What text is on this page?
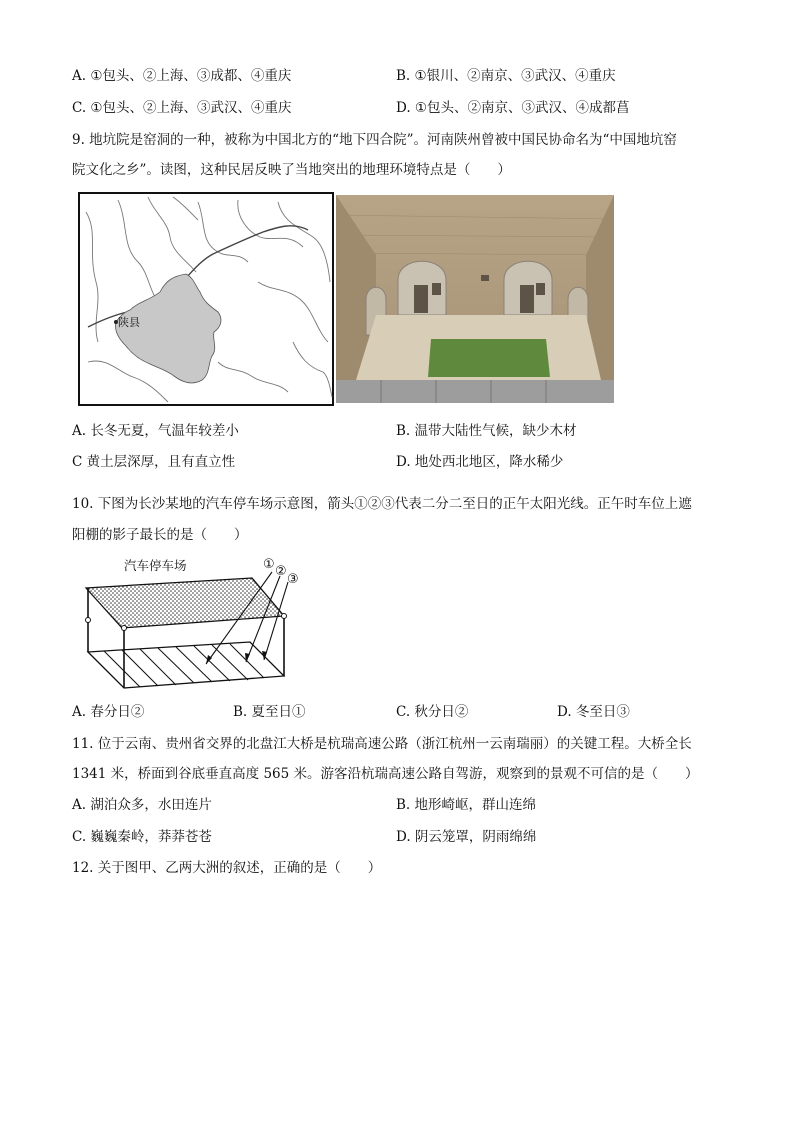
A. ①包头、②上海、③成都、④重庆	B. ①银川、②南京、③武汉、④重庆
C. ①包头、②上海、③武汉、④重庆	D. ①包头、②南京、③武汉、④成都菖
9. 地坑院是窑洞的一种，被称为中国北方的“地下四合院”。河南陕州曾被中国民协命名为“中国地坑窑
院文化之乡”。读图，这种民居反映了当地突出的地理环境特点是（　　）
陕县
A. 长冬无夏，气温年较差小	B. 温带大陆性气候，缺少木材
C 黄土层深厚，且有直立性	D. 地处西北地区，降水稀少
10. 下图为长沙某地的汽车停车场示意图，箭头①②③代表二分二至日的正午太阳光线。正午时车位上遮
阳棚的影子最长的是（　　）
汽车停车场	① ②
③
A. 春分日②	B. 夏至日①	C. 秋分日②	D. 冬至日③
11. 位于云南、贵州省交界的北盘江大桥是杭瑞高速公路（浙江杭州一云南瑞丽）的关键工程。大桥全长
1341 米，桥面到谷底垂直高度 565 米。游客沿杭瑞高速公路自驾游，观察到的景观不可信的是（　　）
A. 湖泊众多，水田连片	B. 地形崎岖，群山连绵
C. 巍巍秦岭，莽莽苍苍	D. 阴云笼罩，阴雨绵绵
12. 关于图甲、乙两大洲的叙述，正确的是（　　）
